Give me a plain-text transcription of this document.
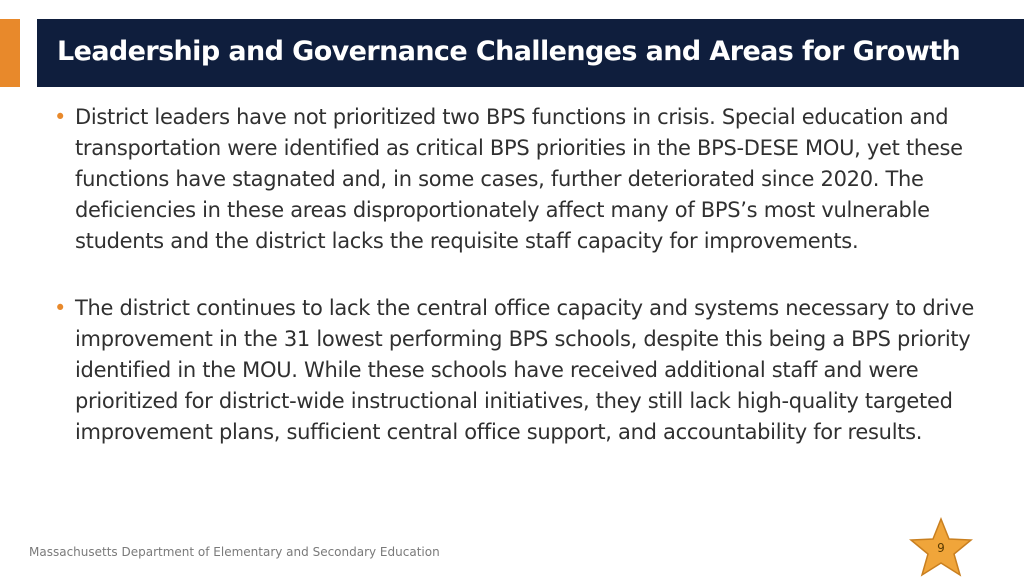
Leadership and Governance Challenges and Areas for Growth
• District leaders have not prioritized two BPS functions in crisis. Special education and transportation were identified as critical BPS priorities in the BPS-DESE MOU, yet these functions have stagnated and, in some cases, further deteriorated since 2020. The deficiencies in these areas disproportionately affect many of BPS’s most vulnerable students and the district lacks the requisite staff capacity for improvements.
• The district continues to lack the central office capacity and systems necessary to drive improvement in the 31 lowest performing BPS schools, despite this being a BPS priority identified in the MOU. While these schools have received additional staff and were prioritized for district-wide instructional initiatives, they still lack high-quality targeted improvement plans, sufficient central office support, and accountability for results.
Massachusetts Department of Elementary and Secondary Education	9
